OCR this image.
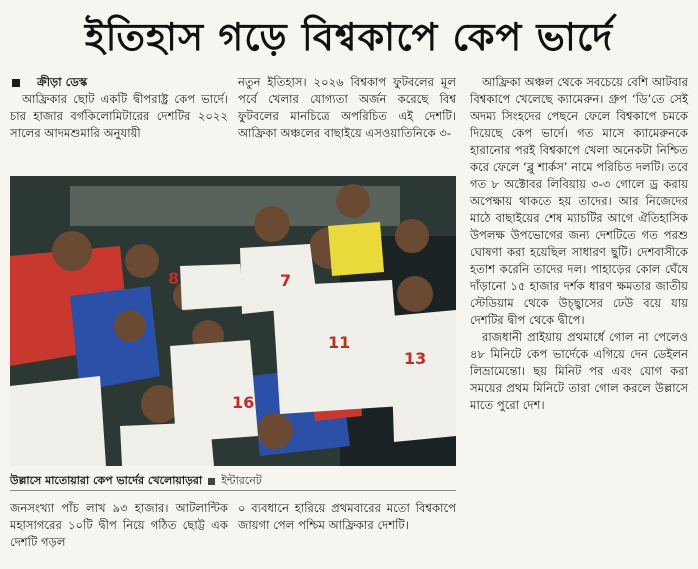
ইতিহাস গড়ে বিশ্বকাপে কেপ ভার্দে

ক্রীড়া ডেস্ক

আফ্রিকার ছোট একটি দ্বীপরাষ্ট্র কেপ ভার্দে। চার হাজার বর্গকিলোমিটারের দেশটির ২০২২ সালের আদমশুমারি অনুযায়ী

নতুন ইতিহাস। ২০২৬ বিশ্বকাপ ফুটবলের মূল পর্বে খেলার যোগ্যতা অর্জন করেছে বিশ্ব ফুটবলের মানচিত্রে অপরিচিত এই দেশটি। আফ্রিকা অঞ্চলের বাছাইয়ে এসওয়াতিনিকে ৩-

আফ্রিকা অঞ্চল থেকে সবচেয়ে বেশি আটবার বিশ্বকাপে খেলেছে ক্যামেরুন। গ্রুপ ‘ডি’তে সেই অদম্য সিংহদের পেছনে ফেলে বিশ্বকাপে চমকে দিয়েছে কেপ ভার্দে। গত মাসে ক্যামেরুনকে হারানোর পরই বিশ্বকাপে খেলা অনেকটা নিশ্চিত করে ফেলে ‘ব্লু শার্কস’ নামে পরিচিত দলটি। তবে গত ৮ অক্টোবর লিবিয়ায় ৩-৩ গোলে ড্র করায় অপেক্ষায় থাকতে হয় তাদের। আর নিজেদের মাঠে বাছাইয়ের শেষ ম্যাচটির আগে ঐতিহাসিক উপলক্ষ উপভোগের জন্য দেশটিতে গত পরশু ঘোষণা করা হয়েছিল সাধারণ ছুটি। দেশবাসীকে হতাশ করেনি তাদের দল। পাহাড়ের কোল ঘেঁষে দাঁড়ানো ১৫ হাজার দর্শক ধারণ ক্ষমতার জাতীয় স্টেডিয়াম থেকে উচ্ছ্বাসের ঢেউ বয়ে যায় দেশটির দ্বীপ থেকে দ্বীপে।

রাজধানী প্রাইয়ায় প্রথমার্ধে গোল না পেলেও ৪৮ মিনিটে কেপ ভার্দেকে এগিয়ে দেন ডেইলন লিভ্রামেন্তো। ছয় মিনিট পর এবং যোগ করা সময়ের প্রথম মিনিটে তারা গোল করলে উল্লাসে মাতে পুরো দেশ।

8
11
13
7
16
উল্লাসে মাতোয়ারা কেপ ভার্দের খেলোয়াড়রা ইন্টারনেট

জনসংখ্যা পাঁচ লাখ ৯৩ হাজার। আটলান্টিক মহাসাগরের ১০টি দ্বীপ নিয়ে গঠিত ছোট্ট এক দেশটি গড়ল

০ ব্যবধানে হারিয়ে প্রথমবারের মতো বিশ্বকাপে জায়গা পেল পশ্চিম আফ্রিকার দেশটি।
